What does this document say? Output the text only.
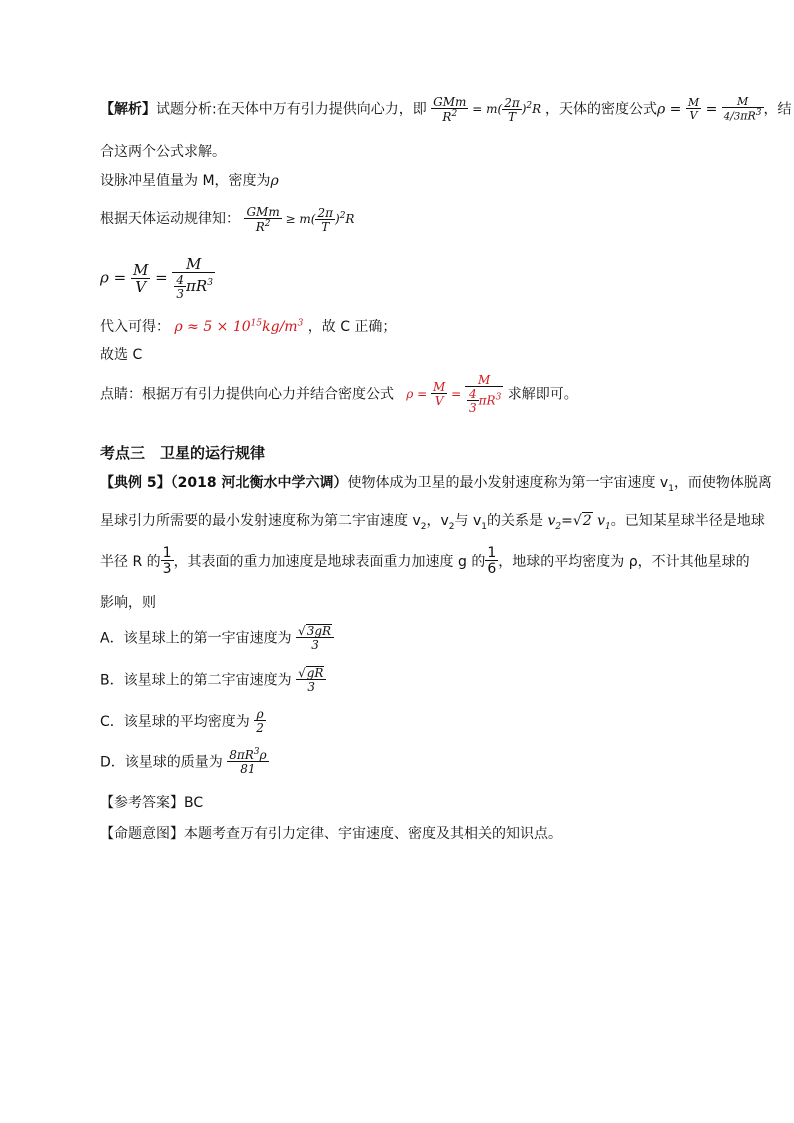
【解析】试题分析:在天体中万有引力提供向心力，即 $\frac{\text{GMm}}{R^2} = m( \frac{2\pi}{T} )^2R$ ，天体的密度公式$\rho = \frac{M}{V} = \frac{M}{4/3\pi R^3}$ ，结
合这两个公式求解。
设脉冲星值量为 M，密度为ρ
根据天体运动规律知： $\frac{\text{GMm}}{R^2} \ge m( \frac{2\pi}{T} )^2R$
$\rho = \frac{M}{V} = \frac{M}{\frac{4}{3} \pi R^3}$
代入可得： $\rho \approx 5 \times 10^{15}kg/m^3$ ，故 C 正确；
故选 C
点睛：根据万有引力提供向心力并结合密度公式
$\rho = \frac{M}{V} = \frac{M}{\frac{4}{3} \pi R^3}$ 求解即可。
考点三　卫星的运行规律
【典例 5】（2018 河北衡水中学六调）使物体成为卫星的最小发射速度称为第一宇宙速度 $v_1$，而使物体脱离
星球引力所需要的最小发射速度称为第二宇宙速度 $v_2$，$v_2$与 $v_1$的关系是 $v_2=√2$ $v_1$。已知某星球半径是地球
半径 R 的 $\frac{1}{3}$ ，其表面的重力加速度是地球表面重力加速度 g 的 $\frac{1}{6}$ ，地球的平均密度为 ρ，不计其他星球的
影响，则
A．该星球上的第一宇宙速度为 $\frac{√3gR}{3}$
B．该星球上的第二宇宙速度为 $\frac{√gR}{3}$
C．该星球的平均密度为 $\frac{\rho}{2}$
D．该星球的质量为 $\frac{8\pi R^3\rho}{81}$
【参考答案】BC
【命题意图】本题考查万有引力定律、宇宙速度、密度及其相关的知识点。
